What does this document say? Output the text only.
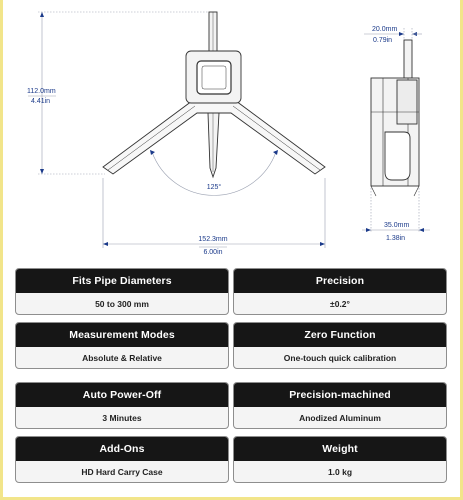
125°
112.0mm
4.41in
152.3mm
6.00in
20.0mm
0.79in
35.0mm
1.38in
Fits Pipe Diameters
50 to 300 mm
Precision
±0.2°
Measurement Modes
Absolute & Relative
Zero Function
One-touch quick calibration
Auto Power-Off
3 Minutes
Precision-machined
Anodized Aluminum
Add-Ons
HD Hard Carry Case
Weight
1.0 kg
